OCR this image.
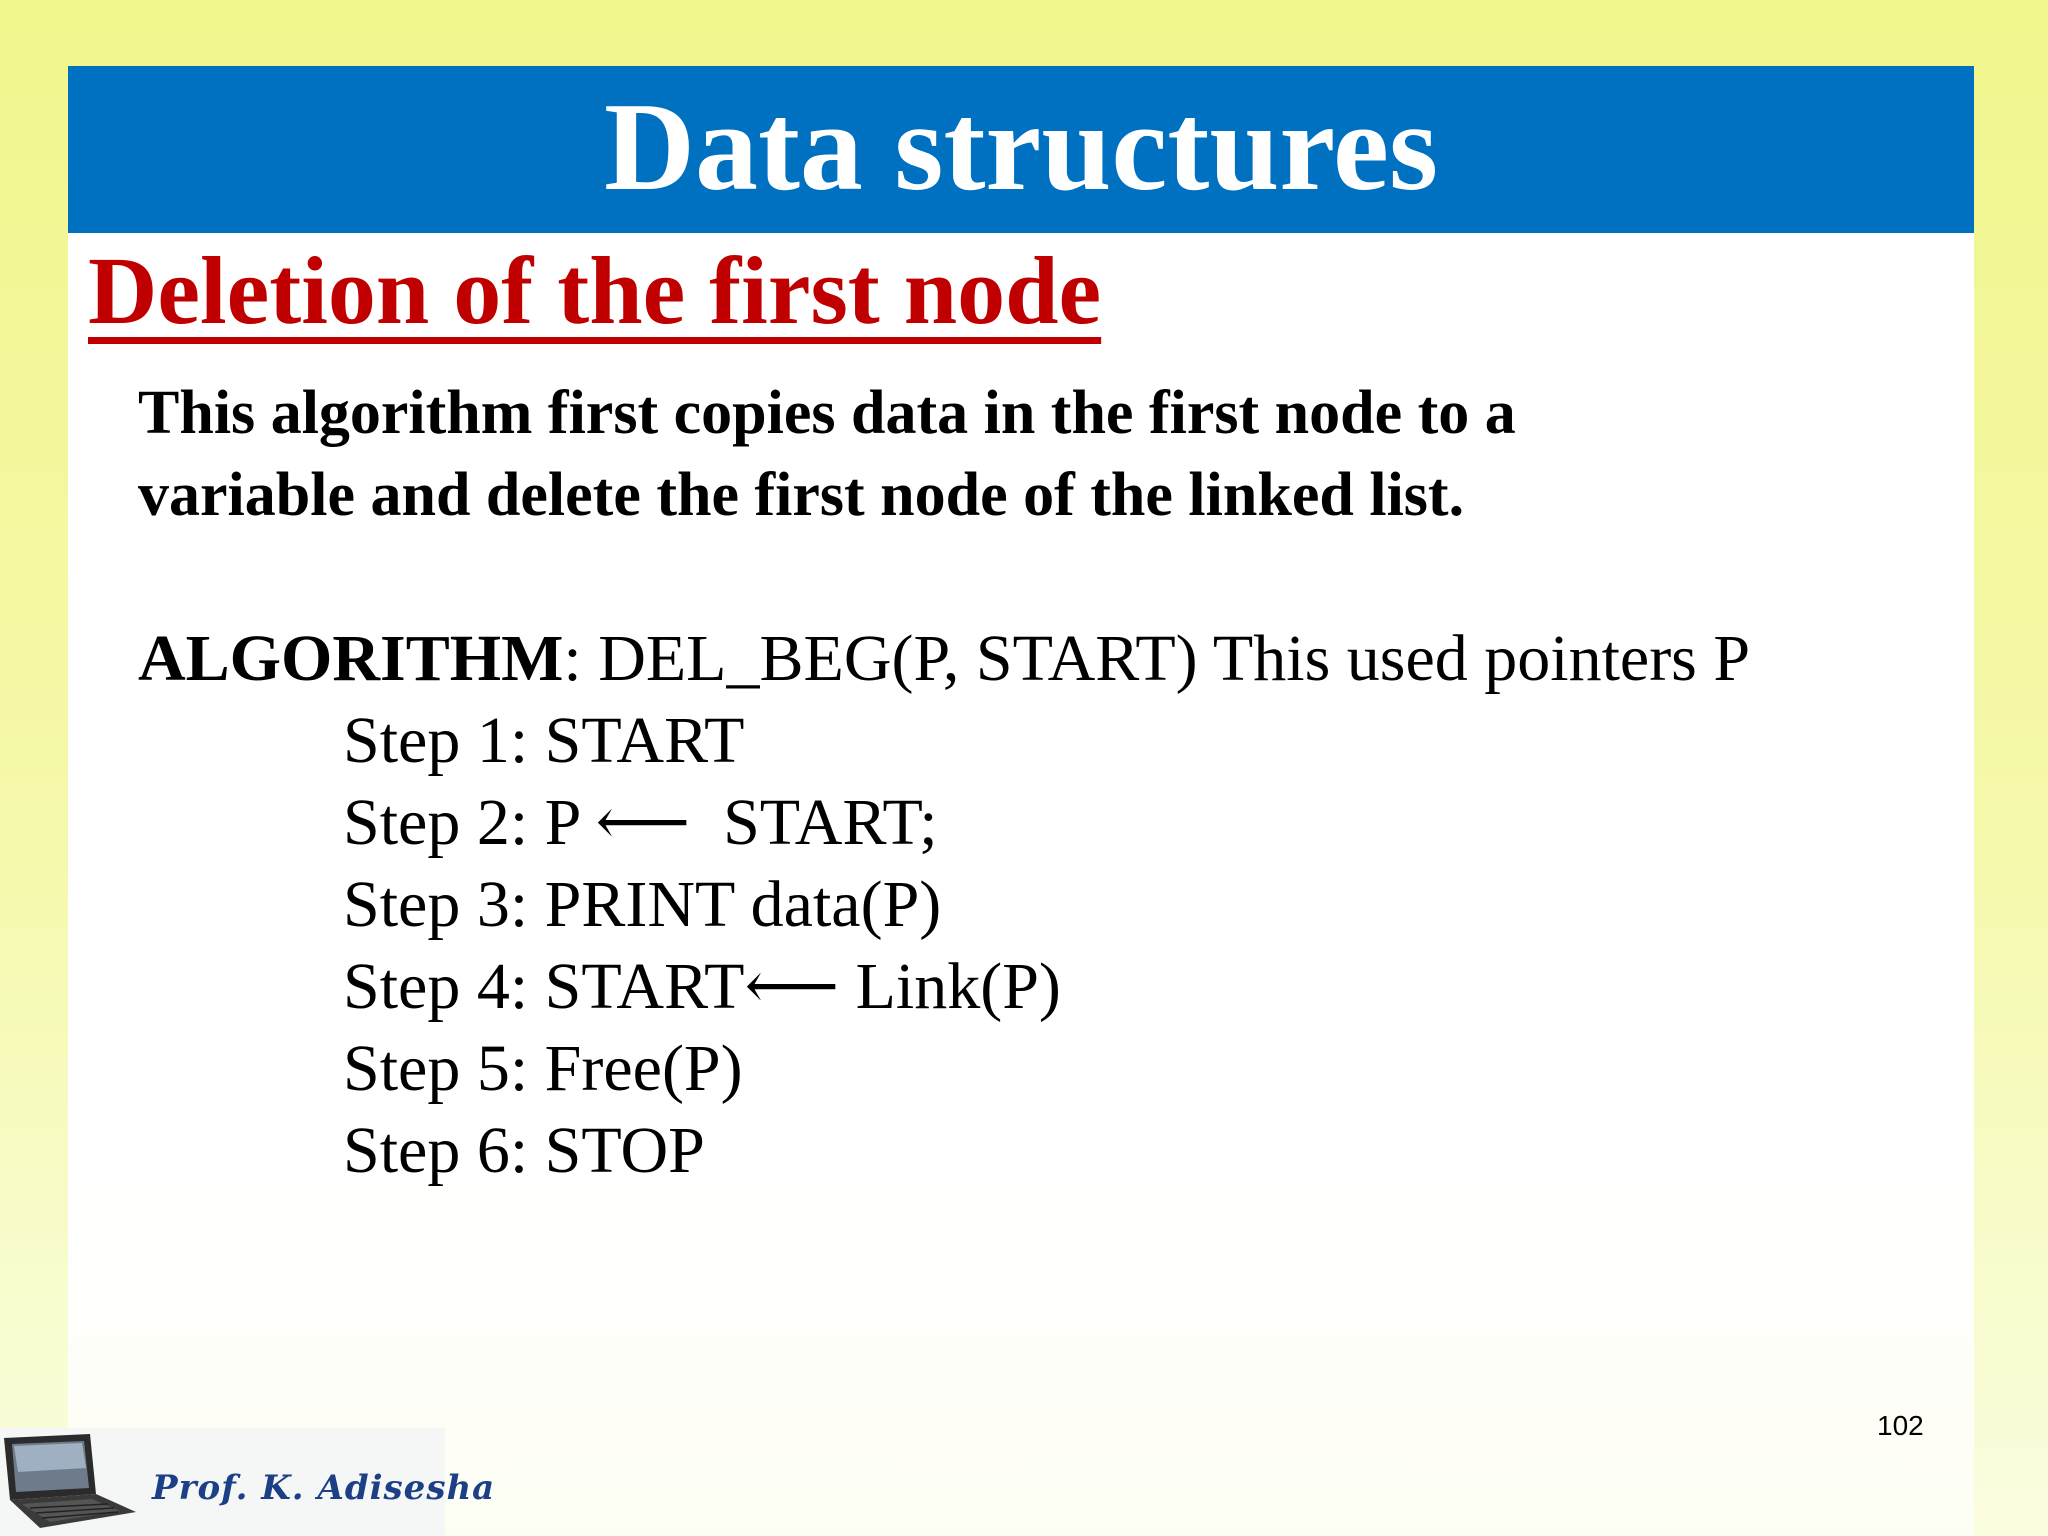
Data structures
Deletion of the first node

This algorithm first copies data in the first node to a
variable and delete the first node of the linked list.

ALGORITHM: DEL_BEG(P, START) This used pointers P

Step 1: START
Step 2: P ⟵  START;
Step 3: PRINT data(P)
Step 4: START⟵ Link(P)
Step 5: Free(P)
Step 6: STOP
102
Prof. K. Adisesha
